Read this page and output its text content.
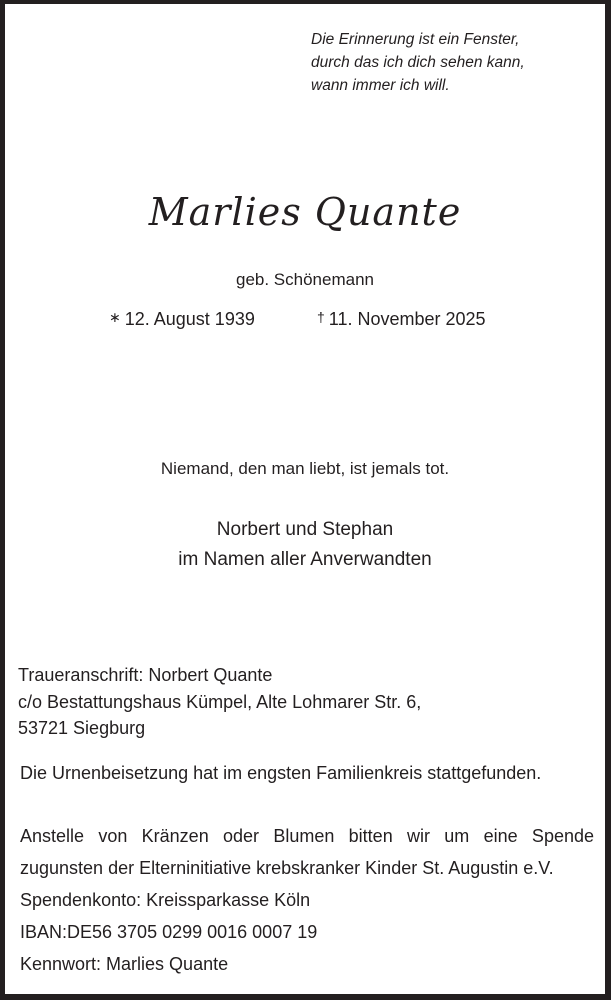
Die Erinnerung ist ein Fenster,
durch das ich dich sehen kann,
wann immer ich will.
Marlies Quante
geb. Schönemann
∗ 12. August 1939	† 11. November 2025
Niemand, den man liebt, ist jemals tot.
Norbert und Stephan
im Namen aller Anverwandten
Traueranschrift: Norbert Quante
c/o Bestattungshaus Kümpel, Alte Lohmarer Str. 6,
53721 Siegburg
Die Urnenbeisetzung hat im engsten Familienkreis stattgefunden.
Anstelle von Kränzen oder Blumen bitten wir um eine Spende
zugunsten der Elterninitiative krebskranker Kinder St. Augustin e.V.
Spendenkonto: Kreissparkasse Köln
IBAN:DE56 3705 0299 0016 0007 19
Kennwort: Marlies Quante
